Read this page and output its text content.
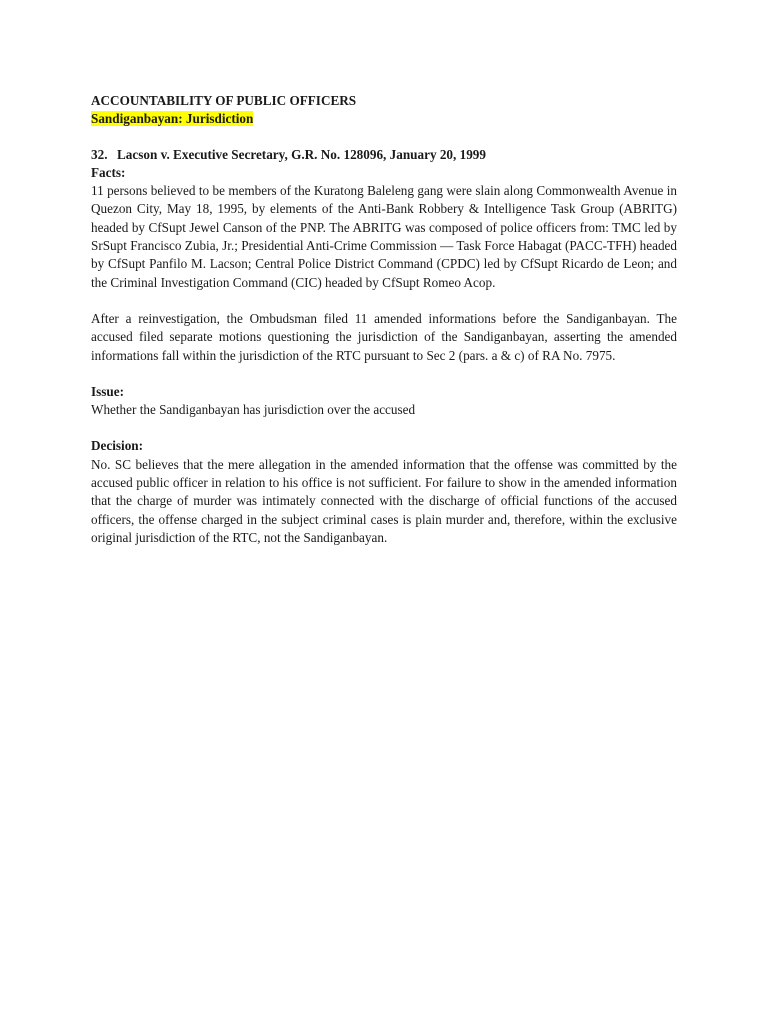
ACCOUNTABILITY OF PUBLIC OFFICERS
Sandiganbayan: Jurisdiction
32. Lacson v. Executive Secretary, G.R. No. 128096, January 20, 1999
Facts:

11 persons believed to be members of the Kuratong Baleleng gang were slain along Commonwealth Avenue in Quezon City, May 18, 1995, by elements of the Anti-Bank Robbery & Intelligence Task Group (ABRITG) headed by CfSupt Jewel Canson of the PNP. The ABRITG was composed of police officers from: TMC led by SrSupt Francisco Zubia, Jr.; Presidential Anti-Crime Commission — Task Force Habagat (PACC-TFH) headed by CfSupt Panfilo M. Lacson; Central Police District Command (CPDC) led by CfSupt Ricardo de Leon; and the Criminal Investigation Command (CIC) headed by CfSupt Romeo Acop.

After a reinvestigation, the Ombudsman filed 11 amended informations before the Sandiganbayan. The accused filed separate motions questioning the jurisdiction of the Sandiganbayan, asserting the amended informations fall within the jurisdiction of the RTC pursuant to Sec 2 (pars. a & c) of RA No. 7975.

Issue:

Whether the Sandiganbayan has jurisdiction over the accused

Decision:

No. SC believes that the mere allegation in the amended information that the offense was committed by the accused public officer in relation to his office is not sufficient. For failure to show in the amended information that the charge of murder was intimately connected with the discharge of official functions of the accused officers, the offense charged in the subject criminal cases is plain murder and, therefore, within the exclusive original jurisdiction of the RTC, not the Sandiganbayan.
